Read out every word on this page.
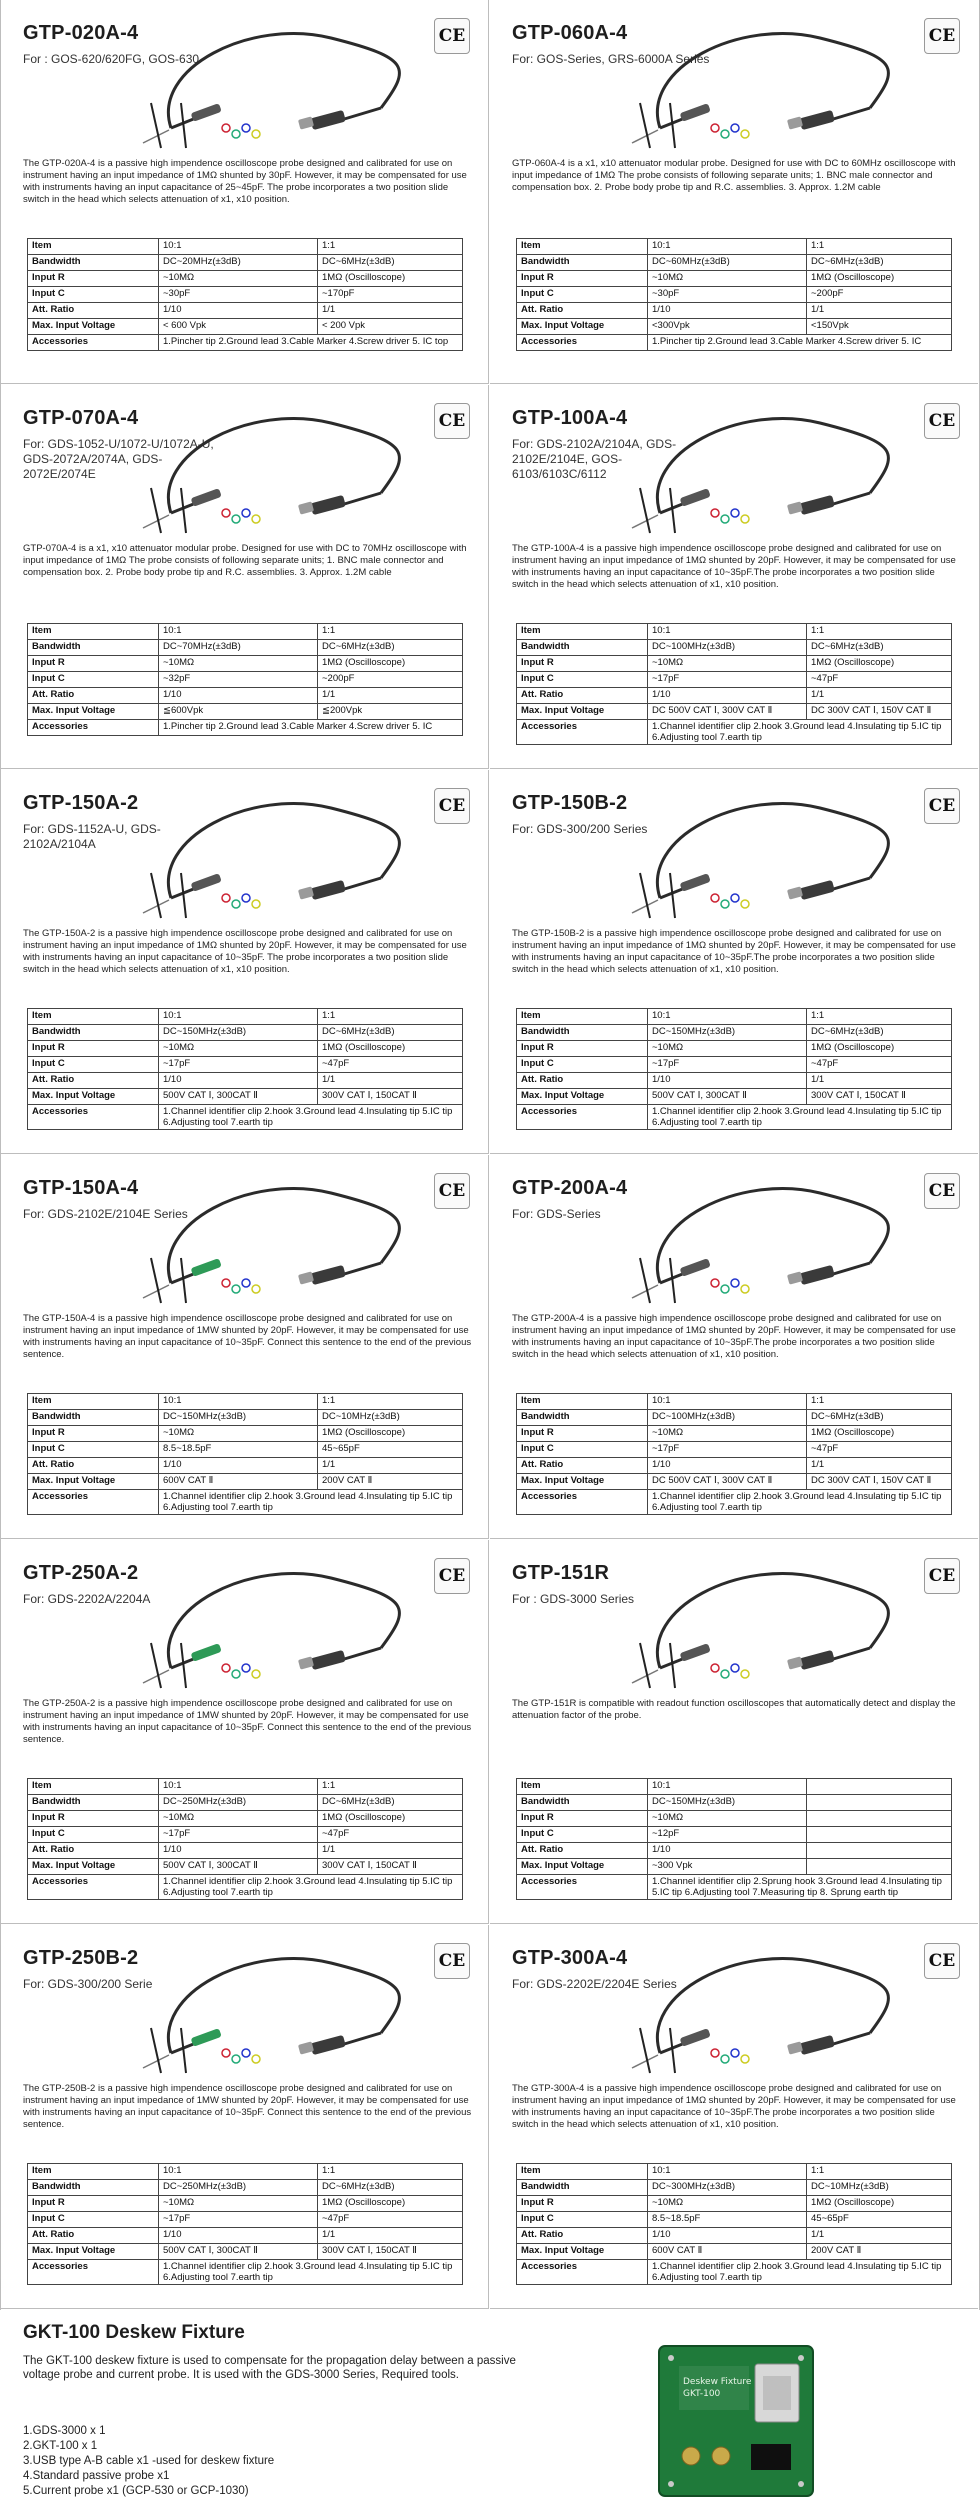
GTP-020A-4
For : GOS-620/620FG, GOS-630
CE
The GTP-020A-4 is a passive high impendence oscilloscope probe designed and calibrated for use on instrument having an input impedance of 1MΩ shunted by 30pF. However, it may be compensated for use with instruments having an input capacitance of 25~45pF. The probe incorporates a two position slide switch in the head which selects attenuation of x1, x10 position.
Item	10:1	1:1
Bandwidth	DC~20MHz(±3dB)	DC~6MHz(±3dB)
Input R	~10MΩ	1MΩ (Oscilloscope)
Input C	~30pF	~170pF
Att. Ratio	1/10	1/1
Max. Input Voltage	< 600 Vpk	< 200 Vpk
Accessories	1.Pincher tip 2.Ground lead 3.Cable Marker 4.Screw driver 5. IC top	
GTP-060A-4
For: GOS-Series, GRS-6000A Series
CE
GTP-060A-4 is a x1, x10 attenuator modular probe. Designed for use with DC to 60MHz oscilloscope with input impedance of 1MΩ The probe consists of following separate units; 1. BNC male connector and compensation box. 2. Probe body probe tip and R.C. assemblies. 3. Approx. 1.2M cable
Item	10:1	1:1
Bandwidth	DC~60MHz(±3dB)	DC~6MHz(±3dB)
Input R	~10MΩ	1MΩ (Oscilloscope)
Input C	~30pF	~200pF
Att. Ratio	1/10	1/1
Max. Input Voltage	<300Vpk	<150Vpk
Accessories	1.Pincher tip 2.Ground lead 3.Cable Marker 4.Screw driver 5. IC	
GTP-070A-4
For: GDS-1052-U/1072-U/1072A-U, GDS-2072A/2074A, GDS-2072E/2074E
CE
GTP-070A-4 is a x1, x10 attenuator modular probe. Designed for use with DC to 70MHz oscilloscope with input impedance of 1MΩ The probe consists of following separate units; 1. BNC male connector and compensation box. 2. Probe body probe tip and R.C. assemblies. 3. Approx. 1.2M cable
Item	10:1	1:1
Bandwidth	DC~70MHz(±3dB)	DC~6MHz(±3dB)
Input R	~10MΩ	1MΩ (Oscilloscope)
Input C	~32pF	~200pF
Att. Ratio	1/10	1/1
Max. Input Voltage	≦600Vpk	≦200Vpk
Accessories	1.Pincher tip 2.Ground lead 3.Cable Marker 4.Screw driver 5. IC	
GTP-100A-4
For: GDS-2102A/2104A, GDS-2102E/2104E, GOS-6103/6103C/6112
CE
The GTP-100A-4 is a passive high impendence oscilloscope probe designed and calibrated for use on instrument having an input impedance of 1MΩ shunted by 20pF. However, it may be compensated for use with instruments having an input capacitance of 10~35pF.The probe incorporates a two position slide switch in the head which selects attenuation of x1, x10 position.
Item	10:1	1:1
Bandwidth	DC~100MHz(±3dB)	DC~6MHz(±3dB)
Input R	~10MΩ	1MΩ (Oscilloscope)
Input C	~17pF	~47pF
Att. Ratio	1/10	1/1
Max. Input Voltage	DC 500V CAT Ⅰ, 300V CAT Ⅱ	DC 300V CAT Ⅰ, 150V CAT Ⅱ
Accessories	1.Channel identifier clip 2.hook 3.Ground lead 4.Insulating tip 5.IC tip 6.Adjusting tool 7.earth tip	
GTP-150A-2
For: GDS-1152A-U, GDS-2102A/2104A
CE
The GTP-150A-2 is a passive high impendence oscilloscope probe designed and calibrated for use on instrument having an input impedance of 1MΩ shunted by 20pF. However, it may be compensated for use with instruments having an input capacitance of 10~35pF. The probe incorporates a two position slide switch in the head which selects attenuation of x1, x10 position.
Item	10:1	1:1
Bandwidth	DC~150MHz(±3dB)	DC~6MHz(±3dB)
Input R	~10MΩ	1MΩ (Oscilloscope)
Input C	~17pF	~47pF
Att. Ratio	1/10	1/1
Max. Input Voltage	500V CAT Ⅰ, 300CAT Ⅱ	300V CAT Ⅰ, 150CAT Ⅱ
Accessories	1.Channel identifier clip 2.hook 3.Ground lead 4.Insulating tip 5.IC tip 6.Adjusting tool 7.earth tip	
GTP-150B-2
For: GDS-300/200 Series
CE
The GTP-150B-2 is a passive high impendence oscilloscope probe designed and calibrated for use on instrument having an input impedance of 1MΩ shunted by 20pF. However, it may be compensated for use with instruments having an input capacitance of 10~35pF.The probe incorporates a two position slide switch in the head which selects attenuation of x1, x10 position.
Item	10:1	1:1
Bandwidth	DC~150MHz(±3dB)	DC~6MHz(±3dB)
Input R	~10MΩ	1MΩ (Oscilloscope)
Input C	~17pF	~47pF
Att. Ratio	1/10	1/1
Max. Input Voltage	500V CAT Ⅰ, 300CAT Ⅱ	300V CAT Ⅰ, 150CAT Ⅱ
Accessories	1.Channel identifier clip 2.hook 3.Ground lead 4.Insulating tip 5.IC tip 6.Adjusting tool 7.earth tip	
GTP-150A-4
For: GDS-2102E/2104E Series
CE
The GTP-150A-4 is a passive high impendence oscilloscope probe designed and calibrated for use on instrument having an input impedance of 1MW shunted by 20pF. However, it may be compensated for use with instruments having an input capacitance of 10~35pF. Connect this sentence to the end of the previous sentence.
Item	10:1	1:1
Bandwidth	DC~150MHz(±3dB)	DC~10MHz(±3dB)
Input R	~10MΩ	1MΩ (Oscilloscope)
Input C	8.5~18.5pF	45~65pF
Att. Ratio	1/10	1/1
Max. Input Voltage	600V CAT Ⅱ	200V CAT Ⅱ
Accessories	1.Channel identifier clip 2.hook 3.Ground lead 4.Insulating tip 5.IC tip 6.Adjusting tool 7.earth tip	
GTP-200A-4
For: GDS-Series
CE
The GTP-200A-4 is a passive high impendence oscilloscope probe designed and calibrated for use on instrument having an input impedance of 1MΩ shunted by 20pF. However, it may be compensated for use with instruments having an input capacitance of 10~35pF.The probe incorporates a two position slide switch in the head which selects attenuation of x1, x10 position.
Item	10:1	1:1
Bandwidth	DC~100MHz(±3dB)	DC~6MHz(±3dB)
Input R	~10MΩ	1MΩ (Oscilloscope)
Input C	~17pF	~47pF
Att. Ratio	1/10	1/1
Max. Input Voltage	DC 500V CAT Ⅰ, 300V CAT Ⅱ	DC 300V CAT Ⅰ, 150V CAT Ⅱ
Accessories	1.Channel identifier clip 2.hook 3.Ground lead 4.Insulating tip 5.IC tip 6.Adjusting tool 7.earth tip	
GTP-250A-2
For: GDS-2202A/2204A
CE
The GTP-250A-2 is a passive high impendence oscilloscope probe designed and calibrated for use on instrument having an input impedance of 1MW shunted by 20pF. However, it may be compensated for use with instruments having an input capacitance of 10~35pF. Connect this sentence to the end of the previous sentence.
Item	10:1	1:1
Bandwidth	DC~250MHz(±3dB)	DC~6MHz(±3dB)
Input R	~10MΩ	1MΩ (Oscilloscope)
Input C	~17pF	~47pF
Att. Ratio	1/10	1/1
Max. Input Voltage	500V CAT Ⅰ, 300CAT Ⅱ	300V CAT Ⅰ, 150CAT Ⅱ
Accessories	1.Channel identifier clip 2.hook 3.Ground lead 4.Insulating tip 5.IC tip 6.Adjusting tool 7.earth tip	
GTP-151R
For : GDS-3000 Series
CE
The GTP-151R is compatible with readout function oscilloscopes that automatically detect and display the attenuation factor of the probe.
Item	10:1	
Bandwidth	DC~150MHz(±3dB)	
Input R	~10MΩ	
Input C	~12pF	
Att. Ratio	1/10	
Max. Input Voltage	~300 Vpk	
Accessories	1.Channel identifier clip 2.Sprung hook 3.Ground lead 4.Insulating tip 5.IC tip 6.Adjusting tool 7.Measuring tip 8. Sprung earth tip	
GTP-250B-2
For: GDS-300/200 Serie
CE
The GTP-250B-2 is a passive high impendence oscilloscope probe designed and calibrated for use on instrument having an input impedance of 1MW shunted by 20pF. However, it may be compensated for use with instruments having an input capacitance of 10~35pF. Connect this sentence to the end of the previous sentence.
Item	10:1	1:1
Bandwidth	DC~250MHz(±3dB)	DC~6MHz(±3dB)
Input R	~10MΩ	1MΩ (Oscilloscope)
Input C	~17pF	~47pF
Att. Ratio	1/10	1/1
Max. Input Voltage	500V CAT Ⅰ, 300CAT Ⅱ	300V CAT Ⅰ, 150CAT Ⅱ
Accessories	1.Channel identifier clip 2.hook 3.Ground lead 4.Insulating tip 5.IC tip 6.Adjusting tool 7.earth tip	
GTP-300A-4
For: GDS-2202E/2204E Series
CE
The GTP-300A-4 is a passive high impendence oscilloscope probe designed and calibrated for use on instrument having an input impedance of 1MΩ shunted by 20pF. However, it may be compensated for use with instruments having an input capacitance of 10~35pF.The probe incorporates a two position slide switch in the head which selects attenuation of x1, x10 position.
Item	10:1	1:1
Bandwidth	DC~300MHz(±3dB)	DC~10MHz(±3dB)
Input R	~10MΩ	1MΩ (Oscilloscope)
Input C	8.5~18.5pF	45~65pF
Att. Ratio	1/10	1/1
Max. Input Voltage	600V CAT Ⅱ	200V CAT Ⅱ
Accessories	1.Channel identifier clip 2.hook 3.Ground lead 4.Insulating tip 5.IC tip 6.Adjusting tool 7.earth tip	
GKT-100 Deskew Fixture
The GKT-100 deskew fixture is used to compensate for the propagation delay between a passive voltage probe and current probe. It is used with the GDS-3000 Series, Required tools.
1.GDS-3000 x 1
2.GKT-100 x 1
3.USB type A-B cable x1 -used for deskew fixture
4.Standard passive probe x1
5.Current probe x1 (GCP-530 or GCP-1030)
Deskew Fixture
GKT-100
